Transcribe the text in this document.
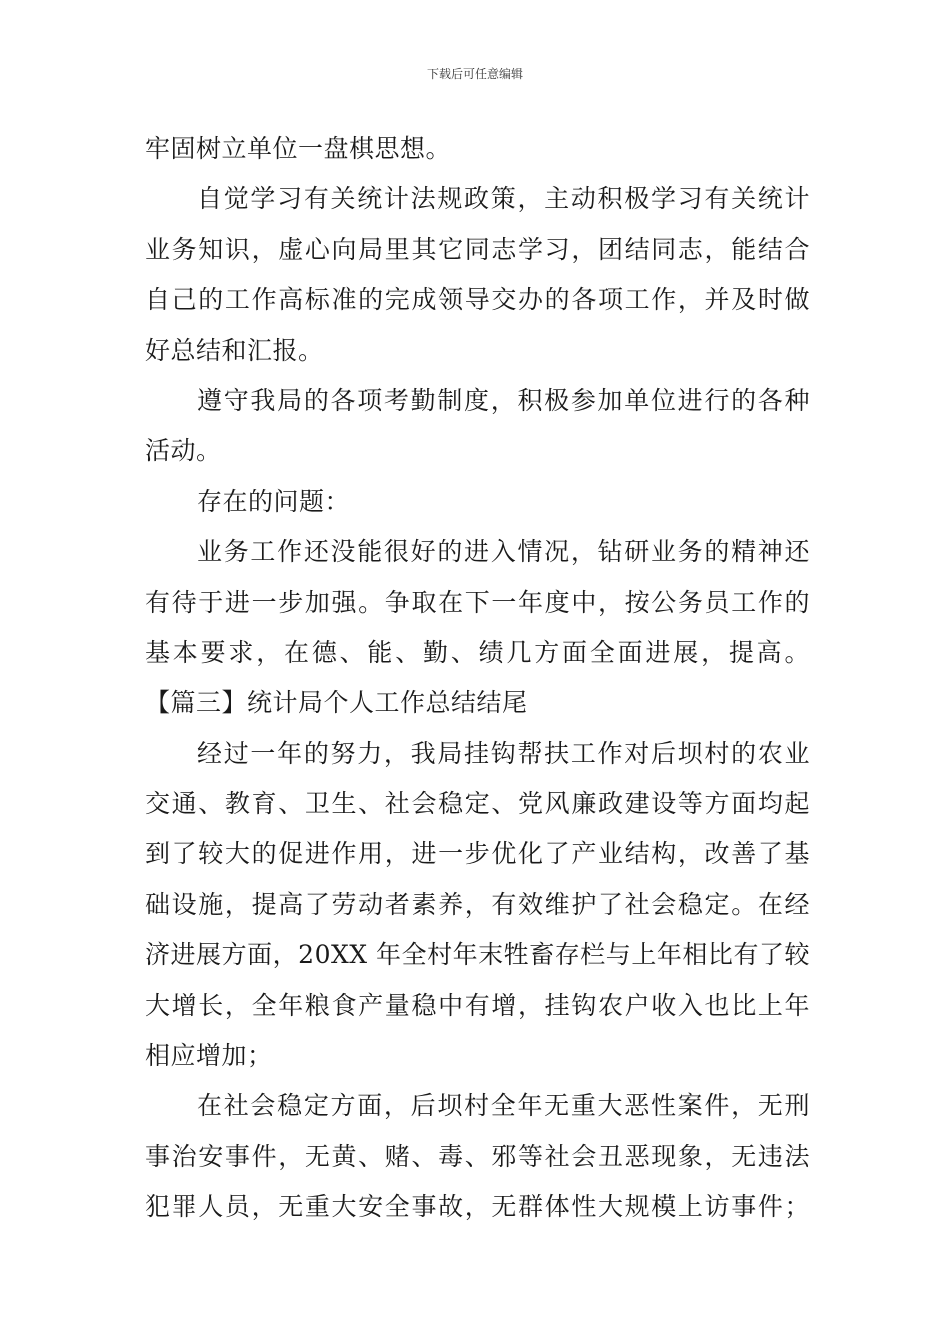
下载后可任意编辑
牢固树立单位一盘棋思想。
自觉学习有关统计法规政策，主动积极学习有关统计
业务知识，虚心向局里其它同志学习，团结同志，能结合
自己的工作高标准的完成领导交办的各项工作，并及时做
好总结和汇报。
遵守我局的各项考勤制度，积极参加单位进行的各种
活动。
存在的问题：
业务工作还没能很好的进入情况，钻研业务的精神还
有待于进一步加强。争取在下一年度中，按公务员工作的
基本要求，在德、能、勤、绩几方面全面进展，提高。
【篇三】统计局个人工作总结结尾
经过一年的努力，我局挂钩帮扶工作对后坝村的农业
交通、教育、卫生、社会稳定、党风廉政建设等方面均起
到了较大的促进作用，进一步优化了产业结构，改善了基
础设施，提高了劳动者素养，有效维护了社会稳定。在经
济进展方面，20XX 年全村年末牲畜存栏与上年相比有了较
大增长，全年粮食产量稳中有增，挂钩农户收入也比上年
相应增加；
在社会稳定方面，后坝村全年无重大恶性案件，无刑
事治安事件，无黄、赌、毒、邪等社会丑恶现象，无违法
犯罪人员，无重大安全事故，无群体性大规模上访事件；
